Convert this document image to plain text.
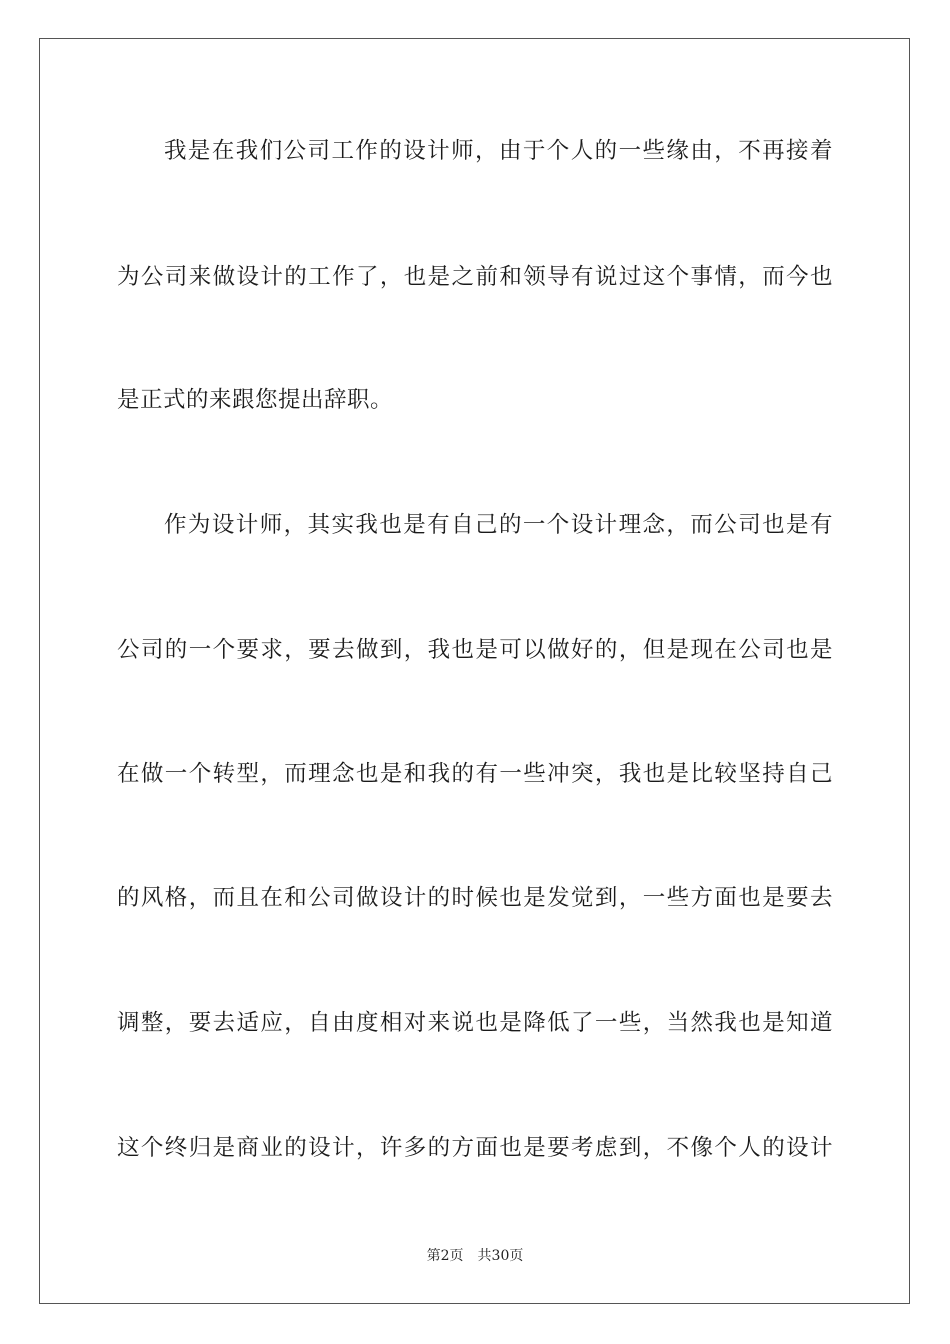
我是在我们公司工作的设计师，由于个人的一些缘由，不再接着
为公司来做设计的工作了，也是之前和领导有说过这个事情，而今也
是正式的来跟您提出辞职。
作为设计师，其实我也是有自己的一个设计理念，而公司也是有
公司的一个要求，要去做到，我也是可以做好的，但是现在公司也是
在做一个转型，而理念也是和我的有一些冲突，我也是比较坚持自己
的风格，而且在和公司做设计的时候也是发觉到，一些方面也是要去
调整，要去适应，自由度相对来说也是降低了一些，当然我也是知道
这个终归是商业的设计，许多的方面也是要考虑到，不像个人的设计
第2页 共30页
